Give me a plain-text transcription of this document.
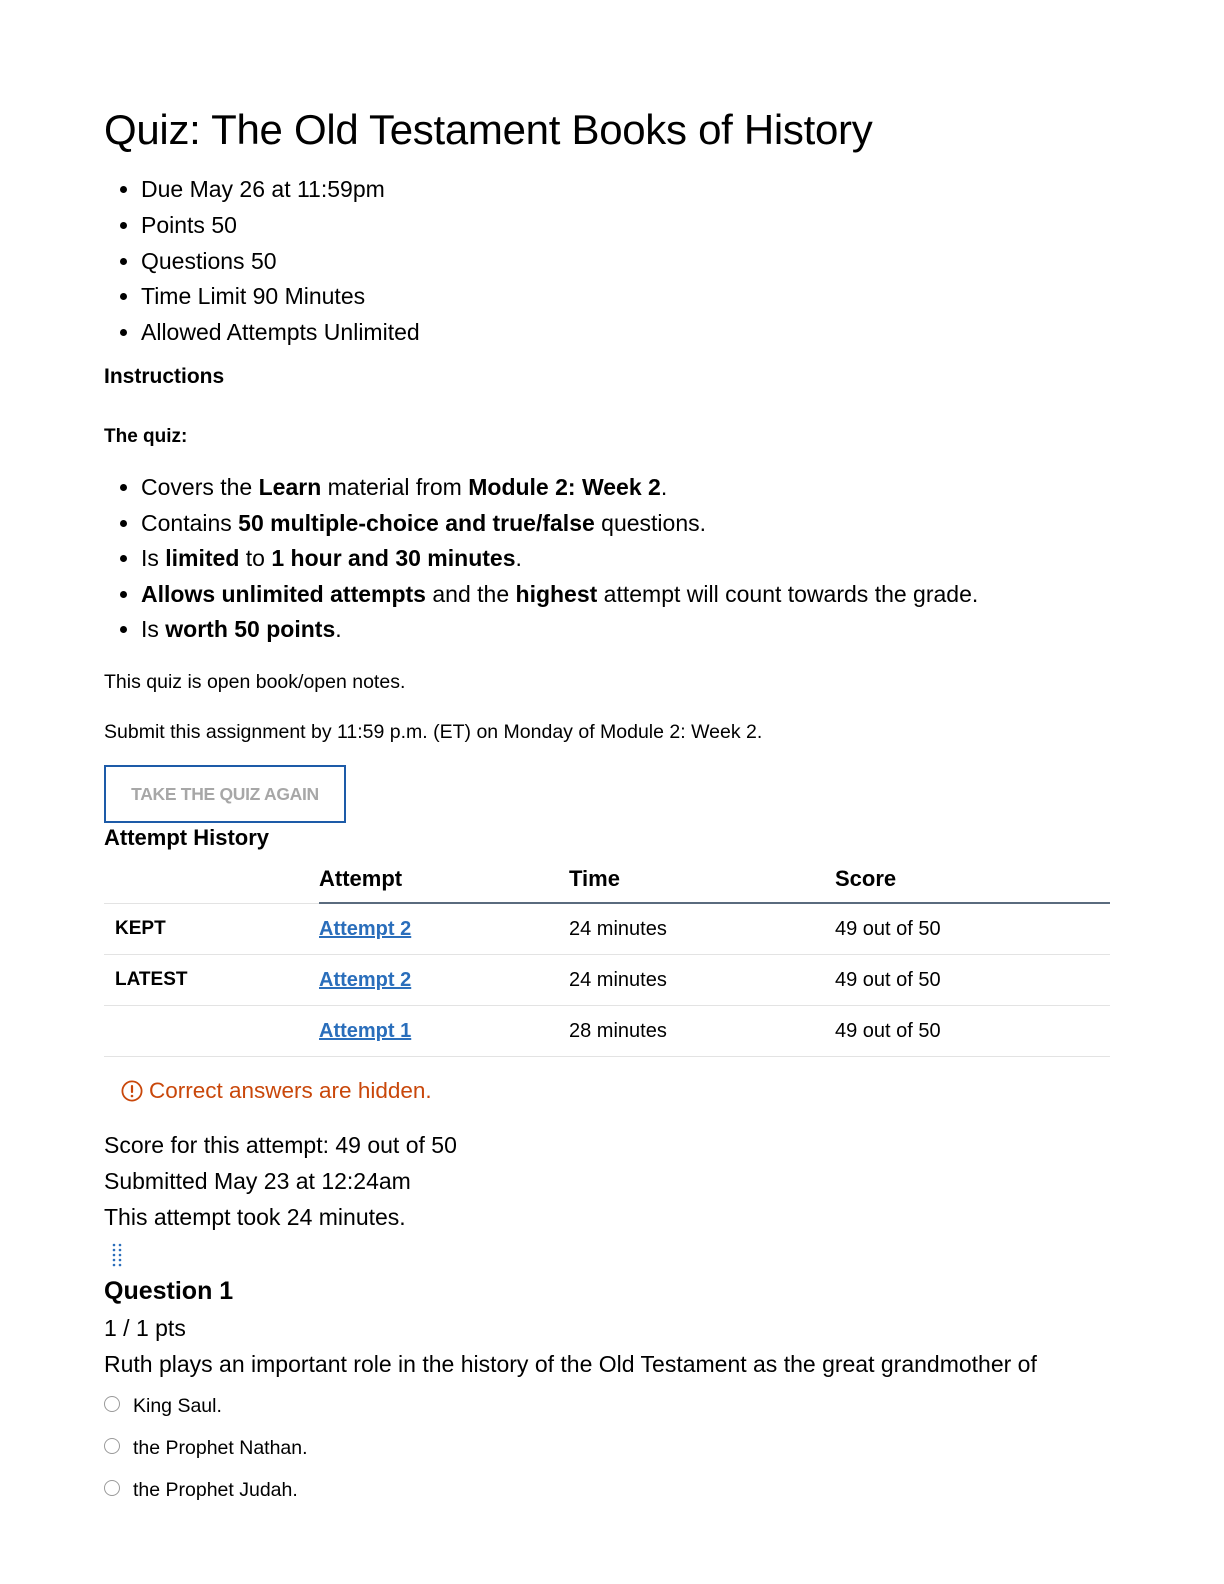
Quiz: The Old Testament Books of History
• Due May 26 at 11:59pm
• Points 50
• Questions 50
• Time Limit 90 Minutes
• Allowed Attempts Unlimited
Instructions
The quiz:
• Covers the Learn material from Module 2: Week 2.
• Contains 50 multiple-choice and true/false questions.
• Is limited to 1 hour and 30 minutes.
• Allows unlimited attempts and the highest attempt will count towards the grade.
• Is worth 50 points.
This quiz is open book/open notes.
Submit this assignment by 11:59 p.m. (ET) on Monday of Module 2: Week 2.
TAKE THE QUIZ AGAIN
Attempt History
	Attempt	Time	Score
KEPT	Attempt 2	24 minutes	49 out of 50
LATEST	Attempt 2	24 minutes	49 out of 50
	Attempt 1	28 minutes	49 out of 50
Correct answers are hidden.
Score for this attempt: 49 out of 50
Submitted May 23 at 12:24am
This attempt took 24 minutes.
Question 1
1 / 1 pts
Ruth plays an important role in the history of the Old Testament as the great grandmother of
King Saul.
the Prophet Nathan.
the Prophet Judah.
